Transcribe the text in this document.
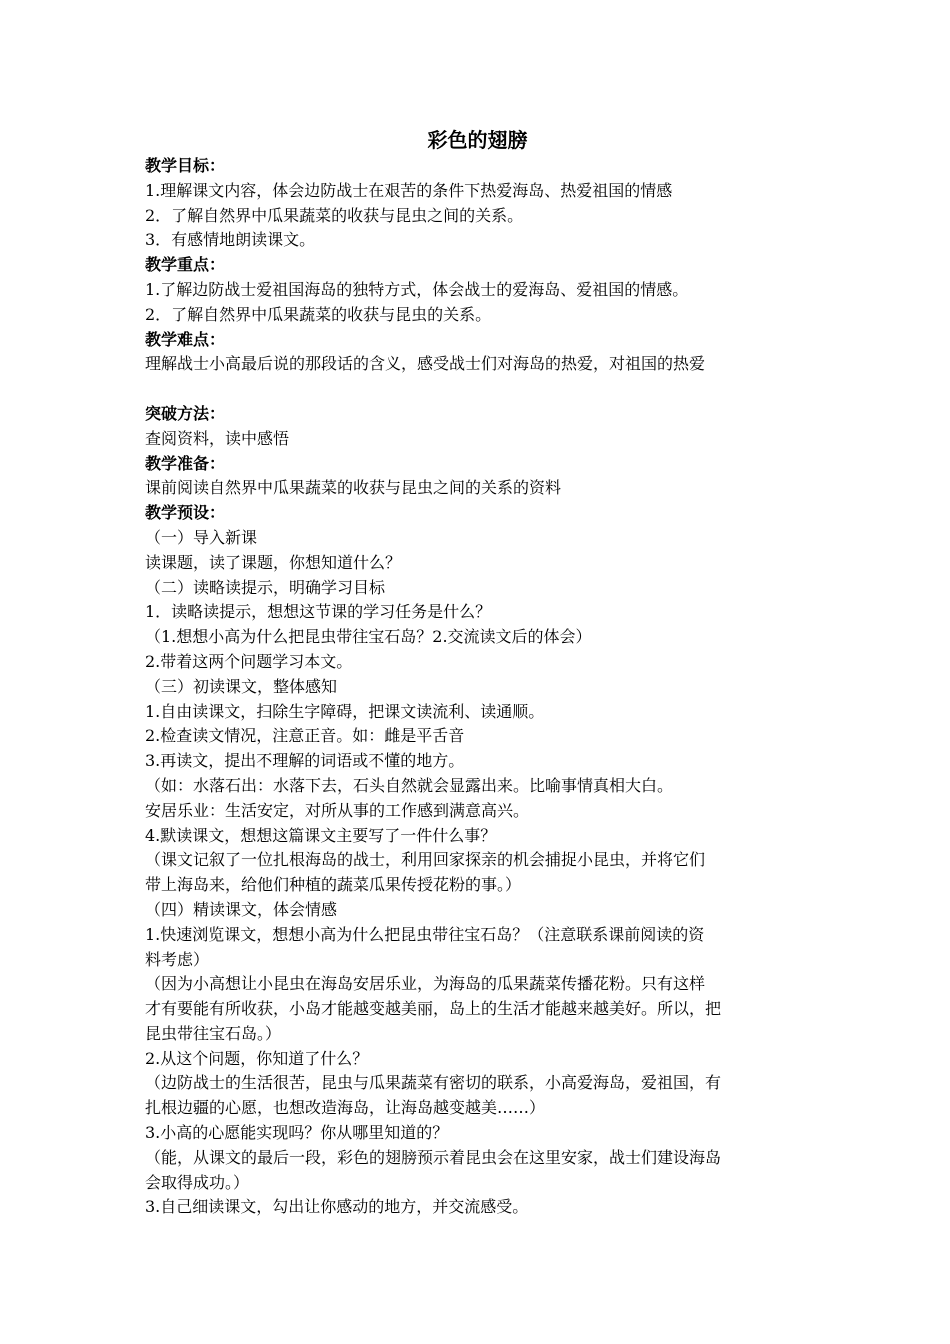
彩色的翅膀
教学目标：
1.理解课文内容，体会边防战士在艰苦的条件下热爱海岛、热爱祖国的情感
2．了解自然界中瓜果蔬菜的收获与昆虫之间的关系。
3．有感情地朗读课文。
教学重点：
1.了解边防战士爱祖国海岛的独特方式，体会战士的爱海岛、爱祖国的情感。
2．了解自然界中瓜果蔬菜的收获与昆虫的关系。
教学难点：
理解战士小高最后说的那段话的含义，感受战士们对海岛的热爱，对祖国的热爱
突破方法：
查阅资料，读中感悟
教学准备：
课前阅读自然界中瓜果蔬菜的收获与昆虫之间的关系的资料
教学预设：
（一）导入新课
读课题，读了课题，你想知道什么？
（二）读略读提示，明确学习目标
1．读略读提示，想想这节课的学习任务是什么？
（1.想想小高为什么把昆虫带往宝石岛？2.交流读文后的体会）
2.带着这两个问题学习本文。
（三）初读课文，整体感知
1.自由读课文，扫除生字障碍，把课文读流利、读通顺。
2.检查读文情况，注意正音。如：雌是平舌音
3.再读文，提出不理解的词语或不懂的地方。
（如：水落石出：水落下去，石头自然就会显露出来。比喻事情真相大白。
安居乐业：生活安定，对所从事的工作感到满意高兴。
4.默读课文，想想这篇课文主要写了一件什么事？
（课文记叙了一位扎根海岛的战士，利用回家探亲的机会捕捉小昆虫，并将它们
带上海岛来，给他们种植的蔬菜瓜果传授花粉的事。）
（四）精读课文，体会情感
1.快速浏览课文，想想小高为什么把昆虫带往宝石岛？（注意联系课前阅读的资
料考虑）
（因为小高想让小昆虫在海岛安居乐业，为海岛的瓜果蔬菜传播花粉。只有这样
才有要能有所收获，小岛才能越变越美丽，岛上的生活才能越来越美好。所以，把
昆虫带往宝石岛。）
2.从这个问题，你知道了什么？
（边防战士的生活很苦，昆虫与瓜果蔬菜有密切的联系，小高爱海岛，爱祖国，有
扎根边疆的心愿，也想改造海岛，让海岛越变越美……）
3.小高的心愿能实现吗？你从哪里知道的？
（能，从课文的最后一段，彩色的翅膀预示着昆虫会在这里安家，战士们建设海岛
会取得成功。）
3.自己细读课文，勾出让你感动的地方，并交流感受。
